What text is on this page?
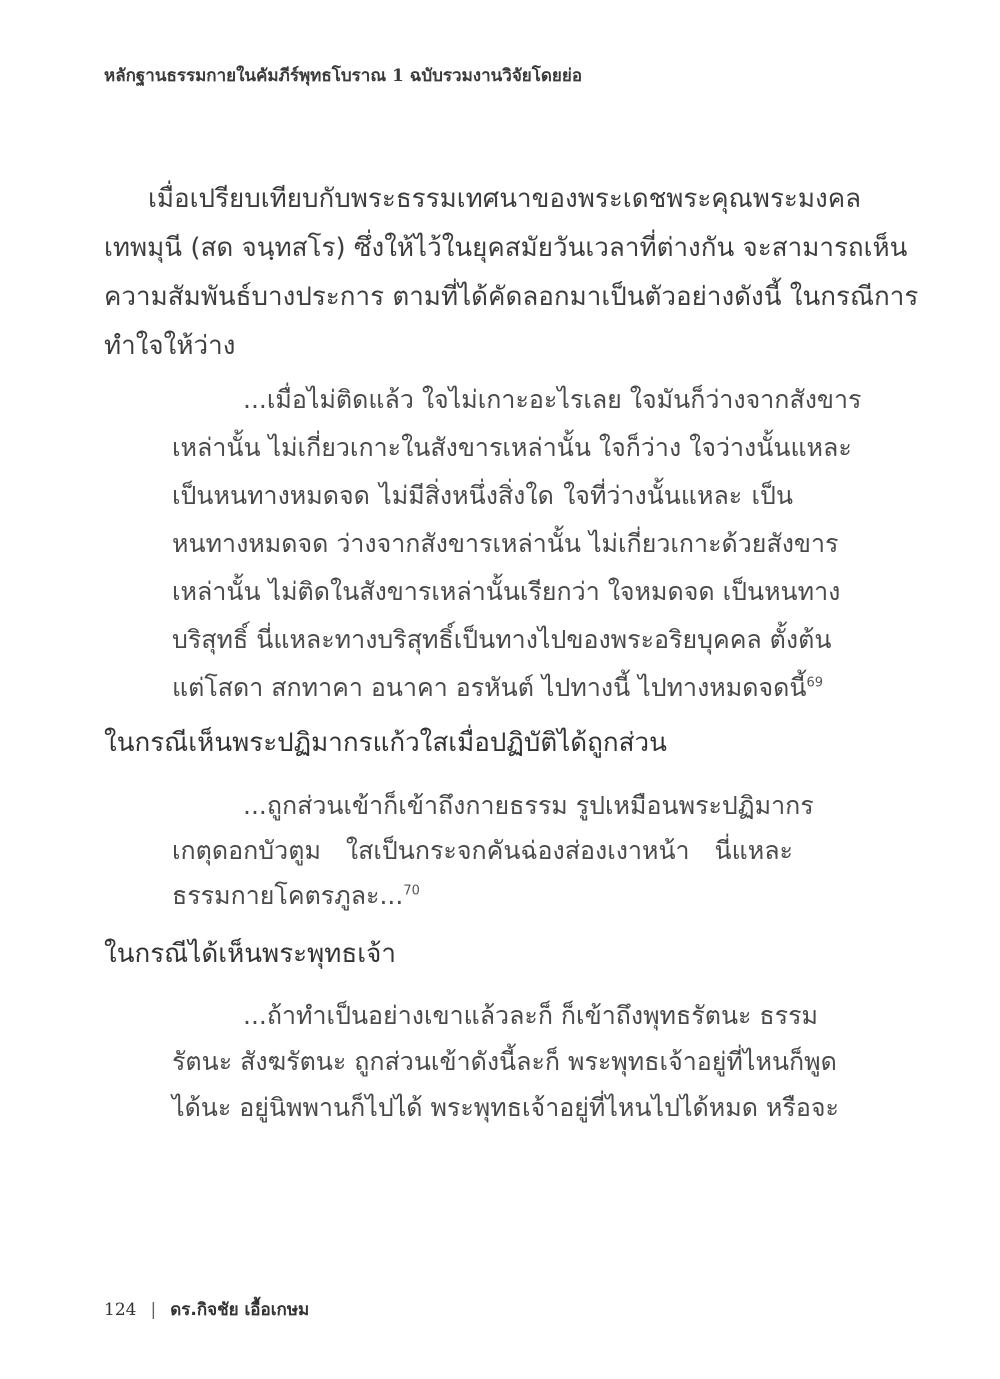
หลักฐานธรรมกายในคัมภีร์พุทธโบราณ 1 ฉบับรวมงานวิจัยโดยย่อ
เมื่อเปรียบเทียบกับพระธรรมเทศนาของพระเดชพระคุณพระมงคล
เทพมุนี (สด จนฺทสโร) ซึ่งให้ไว้ในยุคสมัยวันเวลาที่ต่างกัน จะสามารถเห็น
ความสัมพันธ์บางประการ ตามที่ได้คัดลอกมาเป็นตัวอย่างดังนี้ ในกรณีการ
ทำใจให้ว่าง
...เมื่อไม่ติดแล้ว ใจไม่เกาะอะไรเลย ใจมันก็ว่างจากสังขาร
เหล่านั้น ไม่เกี่ยวเกาะในสังขารเหล่านั้น ใจก็ว่าง ใจว่างนั้นแหละ
เป็นหนทางหมดจด ไม่มีสิ่งหนึ่งสิ่งใด ใจที่ว่างนั้นแหละ เป็น
หนทางหมดจด ว่างจากสังขารเหล่านั้น ไม่เกี่ยวเกาะด้วยสังขาร
เหล่านั้น ไม่ติดในสังขารเหล่านั้นเรียกว่า ใจหมดจด เป็นหนทาง
บริสุทธิ์ นี่แหละทางบริสุทธิ์เป็นทางไปของพระอริยบุคคล ตั้งต้น
แต่โสดา สกทาคา อนาคา อรหันต์ ไปทางนี้ ไปทางหมดจดนี้$^{69}$
ในกรณีเห็นพระปฏิมากรแก้วใสเมื่อปฏิบัติได้ถูกส่วน
...ถูกส่วนเข้าก็เข้าถึงกายธรรม รูปเหมือนพระปฏิมากร
เกตุดอกบัวตูม ใสเป็นกระจกคันฉ่องส่องเงาหน้า นี่แหละ
ธรรมกายโคตรภูละ...$^{70}$
ในกรณีได้เห็นพระพุทธเจ้า
...ถ้าทำเป็นอย่างเขาแล้วละก็ ก็เข้าถึงพุทธรัตนะ ธรรม
รัตนะ สังฆรัตนะ ถูกส่วนเข้าดังนี้ละก็ พระพุทธเจ้าอยู่ที่ไหนก็พูด
ได้นะ อยู่นิพพานก็ไปได้ พระพุทธเจ้าอยู่ที่ไหนไปได้หมด หรือจะ
124 | ดร.กิจชัย เอื้อเกษม
